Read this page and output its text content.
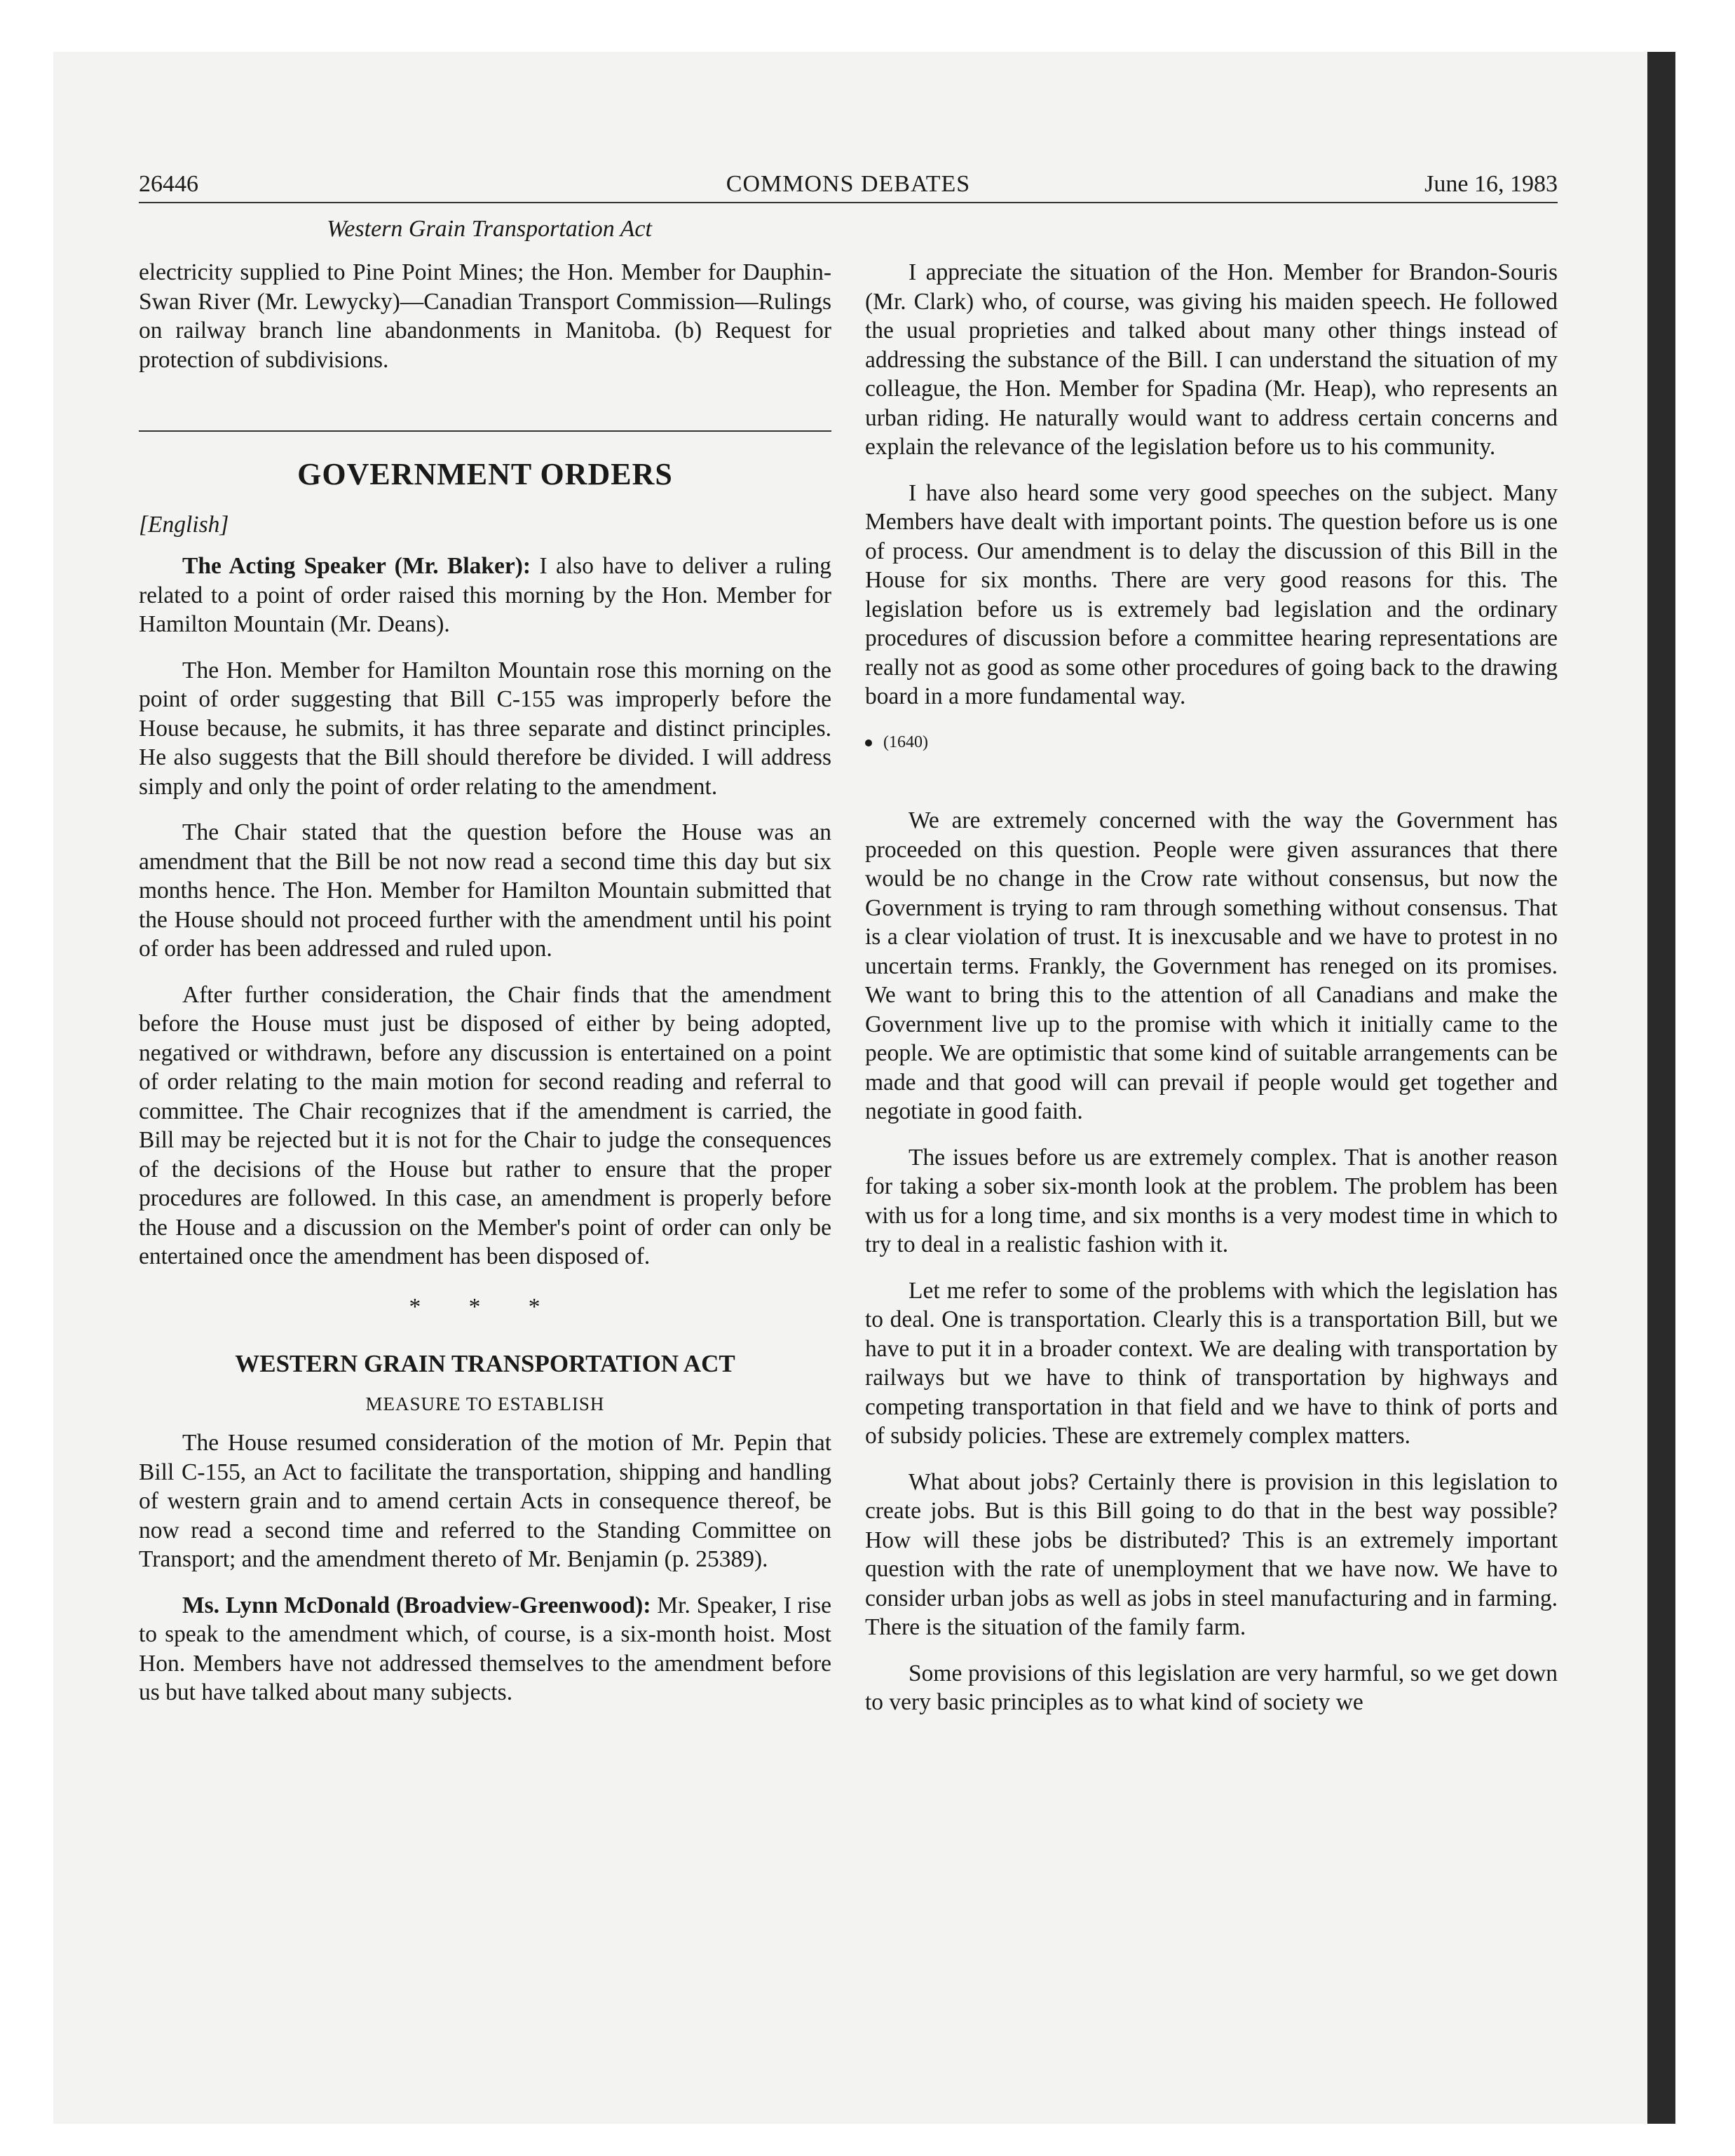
26446	COMMONS DEBATES	June 16, 1983
Western Grain Transportation Act

electricity supplied to Pine Point Mines; the Hon. Member for Dauphin-Swan River (Mr. Lewycky)—Canadian Transport Commission—Rulings on railway branch line abandonments in Manitoba. (b) Request for protection of subdivisions.

GOVERNMENT ORDERS
[English]

The Acting Speaker (Mr. Blaker): I also have to deliver a ruling related to a point of order raised this morning by the Hon. Member for Hamilton Mountain (Mr. Deans).

The Hon. Member for Hamilton Mountain rose this morning on the point of order suggesting that Bill C-155 was improperly before the House because, he submits, it has three separate and distinct principles. He also suggests that the Bill should therefore be divided. I will address simply and only the point of order relating to the amendment.

The Chair stated that the question before the House was an amendment that the Bill be not now read a second time this day but six months hence. The Hon. Member for Hamilton Mountain submitted that the House should not proceed further with the amendment until his point of order has been addressed and ruled upon.

After further consideration, the Chair finds that the amendment before the House must just be disposed of either by being adopted, negatived or withdrawn, before any discussion is entertained on a point of order relating to the main motion for second reading and referral to committee. The Chair recognizes that if the amendment is carried, the Bill may be rejected but it is not for the Chair to judge the consequences of the decisions of the House but rather to ensure that the proper procedures are followed. In this case, an amendment is properly before the House and a discussion on the Member's point of order can only be entertained once the amendment has been disposed of.

* * *
WESTERN GRAIN TRANSPORTATION ACT
MEASURE TO ESTABLISH

The House resumed consideration of the motion of Mr. Pepin that Bill C-155, an Act to facilitate the transportation, shipping and handling of western grain and to amend certain Acts in consequence thereof, be now read a second time and referred to the Standing Committee on Transport; and the amendment thereto of Mr. Benjamin (p. 25389).

Ms. Lynn McDonald (Broadview-Greenwood): Mr. Speaker, I rise to speak to the amendment which, of course, is a six-month hoist. Most Hon. Members have not addressed themselves to the amendment before us but have talked about many subjects.

I appreciate the situation of the Hon. Member for Brandon-Souris (Mr. Clark) who, of course, was giving his maiden speech. He followed the usual proprieties and talked about many other things instead of addressing the substance of the Bill. I can understand the situation of my colleague, the Hon. Member for Spadina (Mr. Heap), who represents an urban riding. He naturally would want to address certain concerns and explain the relevance of the legislation before us to his community.

I have also heard some very good speeches on the subject. Many Members have dealt with important points. The question before us is one of process. Our amendment is to delay the discussion of this Bill in the House for six months. There are very good reasons for this. The legislation before us is extremely bad legislation and the ordinary procedures of discussion before a committee hearing representations are really not as good as some other procedures of going back to the drawing board in a more fundamental way.

(1640)

We are extremely concerned with the way the Government has proceeded on this question. People were given assurances that there would be no change in the Crow rate without consensus, but now the Government is trying to ram through something without consensus. That is a clear violation of trust. It is inexcusable and we have to protest in no uncertain terms. Frankly, the Government has reneged on its promises. We want to bring this to the attention of all Canadians and make the Government live up to the promise with which it initially came to the people. We are optimistic that some kind of suitable arrangements can be made and that good will can prevail if people would get together and negotiate in good faith.

The issues before us are extremely complex. That is another reason for taking a sober six-month look at the problem. The problem has been with us for a long time, and six months is a very modest time in which to try to deal in a realistic fashion with it.

Let me refer to some of the problems with which the legislation has to deal. One is transportation. Clearly this is a transportation Bill, but we have to put it in a broader context. We are dealing with transportation by railways but we have to think of transportation by highways and competing transportation in that field and we have to think of ports and of subsidy policies. These are extremely complex matters.

What about jobs? Certainly there is provision in this legislation to create jobs. But is this Bill going to do that in the best way possible? How will these jobs be distributed? This is an extremely important question with the rate of unemployment that we have now. We have to consider urban jobs as well as jobs in steel manufacturing and in farming. There is the situation of the family farm.

Some provisions of this legislation are very harmful, so we get down to very basic principles as to what kind of society we
